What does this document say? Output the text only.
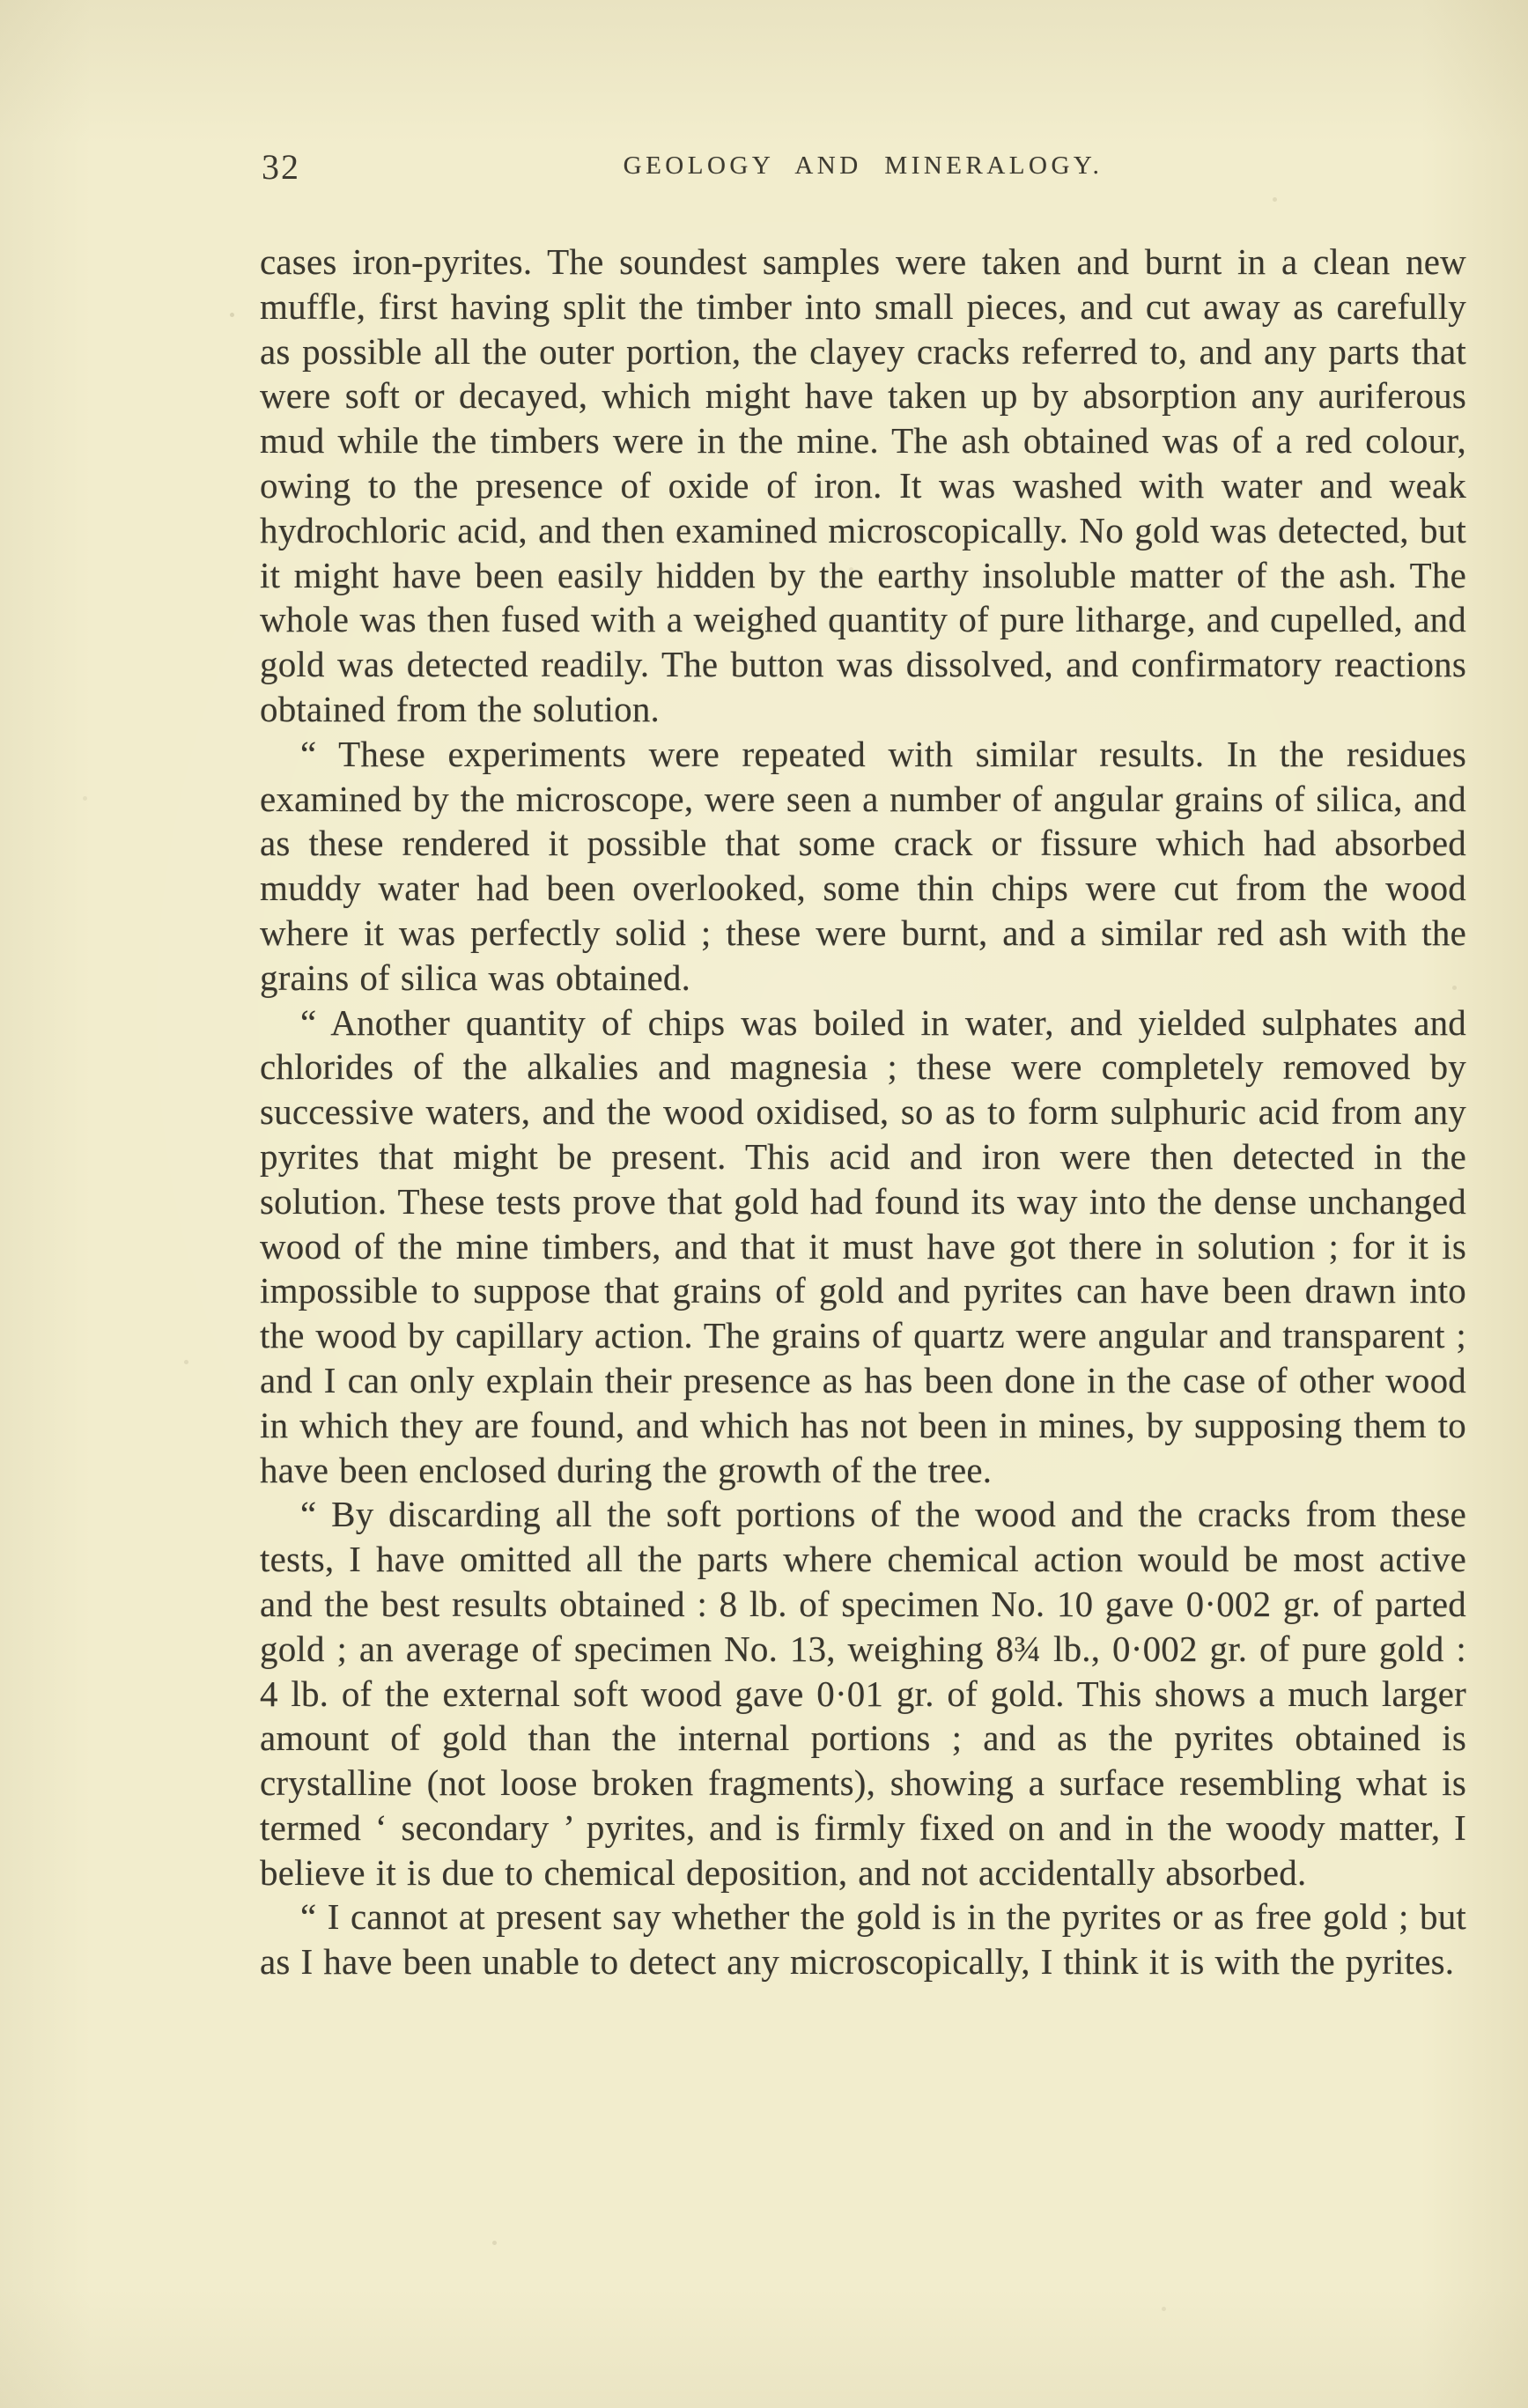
32	GEOLOGY AND MINERALOGY.

cases iron-pyrites. The soundest samples were taken and burnt in a clean new muffle, first having split the timber into small pieces, and cut away as carefully as possible all the outer portion, the clayey cracks referred to, and any parts that were soft or decayed, which might have taken up by absorption any auriferous mud while the timbers were in the mine. The ash obtained was of a red colour, owing to the presence of oxide of iron. It was washed with water and weak hydrochloric acid, and then examined microscopically. No gold was detected, but it might have been easily hidden by the earthy insoluble matter of the ash. The whole was then fused with a weighed quantity of pure litharge, and cupelled, and gold was detected readily. The button was dissolved, and confirmatory reactions obtained from the solution.

“ These experiments were repeated with similar results. In the residues examined by the microscope, were seen a number of angular grains of silica, and as these rendered it possible that some crack or fissure which had absorbed muddy water had been overlooked, some thin chips were cut from the wood where it was perfectly solid ; these were burnt, and a similar red ash with the grains of silica was obtained.

“ Another quantity of chips was boiled in water, and yielded sulphates and chlorides of the alkalies and magnesia ; these were completely removed by successive waters, and the wood oxidised, so as to form sulphuric acid from any pyrites that might be present. This acid and iron were then detected in the solution. These tests prove that gold had found its way into the dense unchanged wood of the mine timbers, and that it must have got there in solution ; for it is impossible to suppose that grains of gold and pyrites can have been drawn into the wood by capillary action. The grains of quartz were angular and transparent ; and I can only explain their presence as has been done in the case of other wood in which they are found, and which has not been in mines, by supposing them to have been enclosed during the growth of the tree.

“ By discarding all the soft portions of the wood and the cracks from these tests, I have omitted all the parts where chemical action would be most active and the best results obtained : 8 lb. of specimen No. 10 gave 0·002 gr. of parted gold ; an average of specimen No. 13, weighing 8¾ lb., 0·002 gr. of pure gold : 4 lb. of the external soft wood gave 0·01 gr. of gold. This shows a much larger amount of gold than the internal portions ; and as the pyrites obtained is crystalline (not loose broken fragments), showing a surface resembling what is termed ‘ secondary ’ pyrites, and is firmly fixed on and in the woody matter, I believe it is due to chemical deposition, and not accidentally absorbed.

“ I cannot at present say whether the gold is in the pyrites or as free gold ; but as I have been unable to detect any microscopically, I think it is with the pyrites.
